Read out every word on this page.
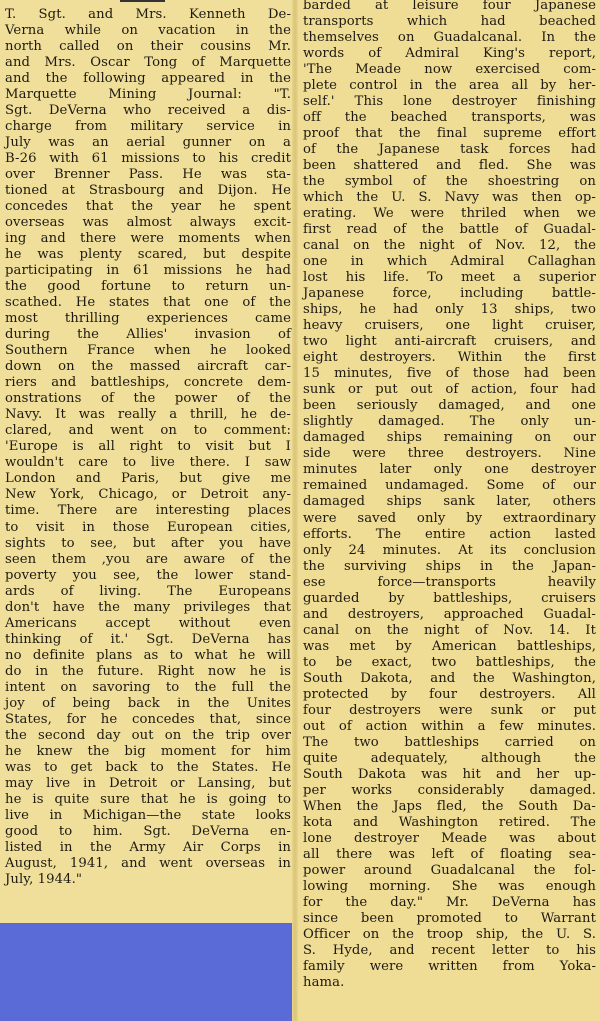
T. Sgt. and Mrs. Kenneth De-
Verna while on vacation in the
north called on their cousins Mr.
and Mrs. Oscar Tong of Marquette
and the following appeared in the
Marquette Mining Journal: "T.
Sgt. DeVerna who received a dis-
charge from military service in
July was an aerial gunner on a
B-26 with 61 missions to his credit
over Brenner Pass. He was sta-
tioned at Strasbourg and Dijon. He
concedes that the year he spent
overseas was almost always excit-
ing and there were moments when
he was plenty scared, but despite
participating in 61 missions he had
the good fortune to return un-
scathed. He states that one of the
most thrilling experiences came
during the Allies' invasion of
Southern France when he looked
down on the massed aircraft car-
riers and battleships, concrete dem-
onstrations of the power of the
Navy. It was really a thrill, he de-
clared, and went on to comment:
'Europe is all right to visit but I
wouldn't care to live there. I saw
London and Paris, but give me
New York, Chicago, or Detroit any-
time. There are interesting places
to visit in those European cities,
sights to see, but after you have
seen them ,you are aware of the
poverty you see, the lower stand-
ards of living. The Europeans
don't have the many privileges that
Americans accept without even
thinking of it.' Sgt. DeVerna has
no definite plans as to what he will
do in the future. Right now he is
intent on savoring to the full the
joy of being back in the Unites
States, for he concedes that, since
the second day out on the trip over
he knew the big moment for him
was to get back to the States. He
may live in Detroit or Lansing, but
he is quite sure that he is going to
live in Michigan—the state looks
good to him. Sgt. DeVerna en-
listed in the Army Air Corps in
August, 1941, and went overseas in
July, 1944."
barded at leisure four Japanese
transports which had beached
themselves on Guadalcanal. In the
words of Admiral King's report,
'The Meade now exercised com-
plete control in the area all by her-
self.' This lone destroyer finishing
off the beached transports, was
proof that the final supreme effort
of the Japanese task forces had
been shattered and fled. She was
the symbol of the shoestring on
which the U. S. Navy was then op-
erating. We were thriled when we
first read of the battle of Guadal-
canal on the night of Nov. 12, the
one in which Admiral Callaghan
lost his life. To meet a superior
Japanese force, including battle-
ships, he had only 13 ships, two
heavy cruisers, one light cruiser,
two light anti-aircraft cruisers, and
eight destroyers. Within the first
15 minutes, five of those had been
sunk or put out of action, four had
been seriously damaged, and one
slightly damaged. The only un-
damaged ships remaining on our
side were three destroyers. Nine
minutes later only one destroyer
remained undamaged. Some of our
damaged ships sank later, others
were saved only by extraordinary
efforts. The entire action lasted
only 24 minutes. At its conclusion
the surviving ships in the Japan-
ese force—transports heavily
guarded by battleships, cruisers
and destroyers, approached Guadal-
canal on the night of Nov. 14. It
was met by American battleships,
to be exact, two battleships, the
South Dakota, and the Washington,
protected by four destroyers. All
four destroyers were sunk or put
out of action within a few minutes.
The two battleships carried on
quite adequately, although the
South Dakota was hit and her up-
per works considerably damaged.
When the Japs fled, the South Da-
kota and Washington retired. The
lone destroyer Meade was about
all there was left of floating sea-
power around Guadalcanal the fol-
lowing morning. She was enough
for the day." Mr. DeVerna has
since been promoted to Warrant
Officer on the troop ship, the U. S.
S. Hyde, and recent letter to his
family were written from Yoka-
hama.
